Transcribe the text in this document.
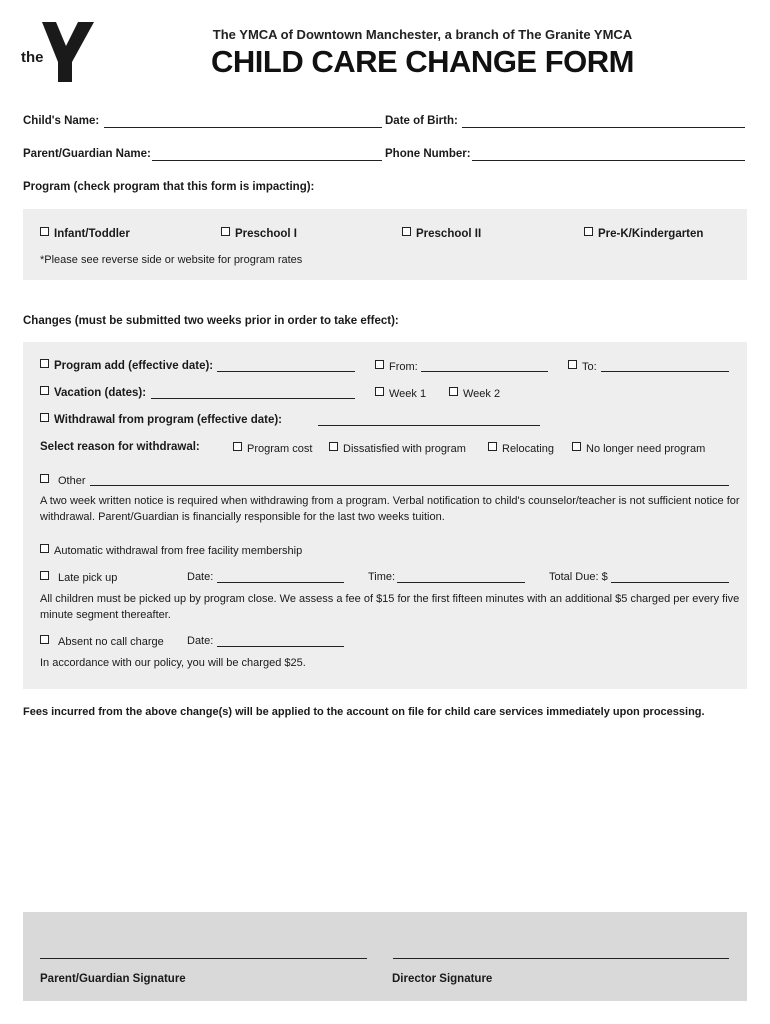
the
YMCA
The YMCA of Downtown Manchester, a branch of The Granite YMCA
CHILD CARE CHANGE FORM
Child's Name:	Date of Birth:
Parent/Guardian Name:	Phone Number:
Program (check program that this form is impacting):
Infant/Toddler	Preschool I	Preschool II	Pre-K/Kindergarten
*Please see reverse side or website for program rates
Changes (must be submitted two weeks prior in order to take effect):
Program add (effective date):	From:	To:
Vacation (dates):	Week 1	Week 2
Withdrawal from program (effective date):
Select reason for withdrawal:	Program cost	Dissatisfied with program	Relocating	No longer need program
Other
A two week written notice is required when withdrawing from a program. Verbal notification to child's counselor/teacher is not sufficient notice for withdrawal. Parent/Guardian is financially responsible for the last two weeks tuition.
Automatic withdrawal from free facility membership
Late pick up	Date:	Time:	Total Due: $
All children must be picked up by program close. We assess a fee of $15 for the first fifteen minutes with an additional $5 charged per every five minute segment thereafter.
Absent no call charge Date:
In accordance with our policy, you will be charged $25.
Fees incurred from the above change(s) will be applied to the account on file for child care services immediately upon processing.
Parent/Guardian Signature	Director Signature
